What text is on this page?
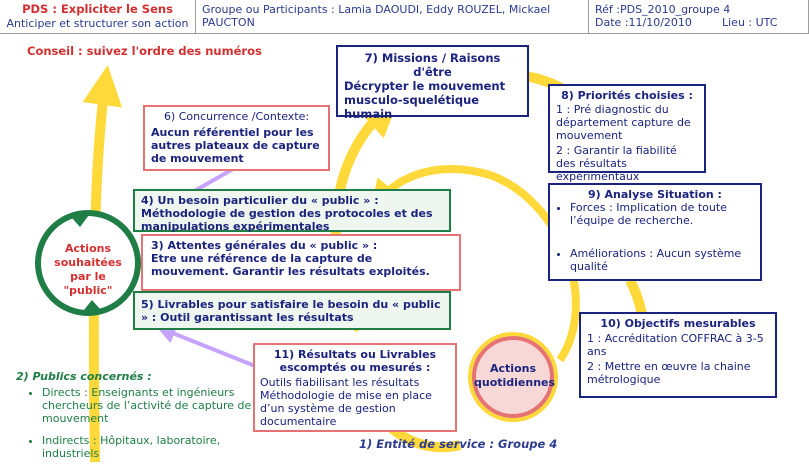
PDS : Expliciter le Sens
Anticiper et structurer son action
Groupe ou Participants : Lamia DAOUDI, Eddy ROUZEL, Mickael PAUCTON
Réf :PDS_2010_groupe 4
Date :11/10/2010	Lieu : UTC
Conseil : suivez l'ordre des numéros
6) Concurrence /Contexte:
Aucun référentiel pour les autres plateaux de capture de mouvement
7) Missions / Raisons d'être
Décrypter le mouvement musculo-squelétique humain
8) Priorités choisies :
1 : Pré diagnostic du département capture de mouvement
2 : Garantir la fiabilité des résultats expérimentaux
9) Analyse Situation :
• Forces : Implication de toute l’équipe de recherche.
• Améliorations : Aucun système qualité
4) Un besoin particulier du « public » :
Méthodologie de gestion des protocoles et des manipulations expérimentales
3) Attentes générales du « public » :
Etre une référence de la capture de mouvement. Garantir les résultats exploités.
5) Livrables pour satisfaire le besoin du « public » : Outil garantissant les résultats
11) Résultats ou Livrables escomptés ou mesurés :
Outils fiabilisant les résultats
Méthodologie de mise en place d’un système de gestion documentaire
10) Objectifs mesurables
1 : Accréditation COFFRAC à 3-5 ans
2 : Mettre en œuvre la chaine métrologique
Actions souhaitées par le "public"
Actions quotidiennes
2) Publics concernés :
• Directs : Enseignants et ingénieurs chercheurs de l’activité de capture de mouvement
• Indirects : Hôpitaux, laboratoire, industriels
1) Entité de service : Groupe 4
